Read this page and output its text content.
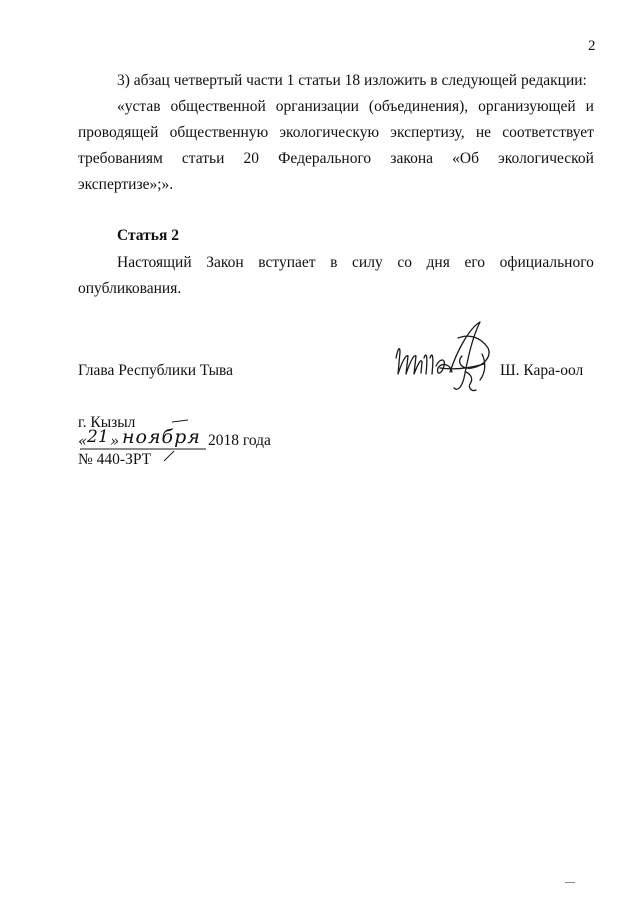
2
3) абзац четвертый части 1 статьи 18 изложить в следующей редакции:
«устав общественной организации (объединения), организующей и
проводящей общественную экологическую экспертизу, не соответствует
требованиям статьи 20 Федерального закона «Об экологической
экспертизе»;».
Статья 2
Настоящий Закон вступает в силу со дня его официального
опубликования.
Глава Республики Тыва	Ш. Кара-оол
г. Кызыл
« 21 » ноября 2018 года
№ 440-ЗРТ
